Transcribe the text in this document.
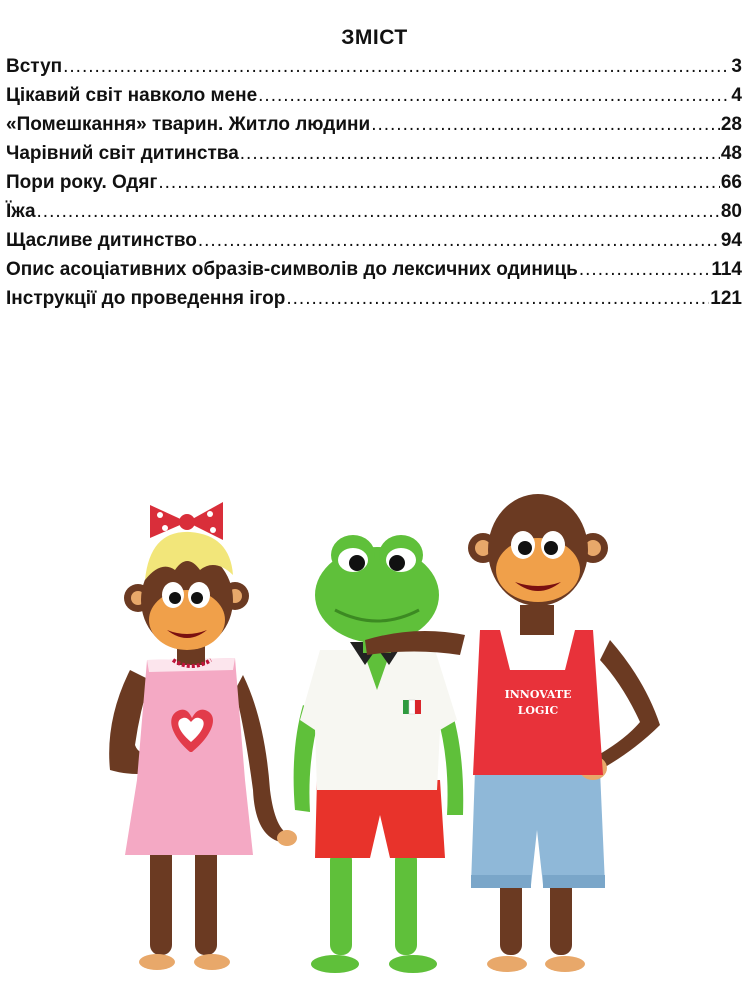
ЗМІСТ
Вступ .....	3
Цікавий світ навколо мене .....	4
«Помешкання» тварин. Житло людини .....	28
Чарівний світ дитинства .....	48
Пори року. Одяг .....	66
Їжа .....	80
Щасливе дитинство .....	94
Опис асоціативних образів-символів до лексичних одиниць .....	114
Інструкції до проведення ігор .....	121
INNOVATE
LOGIC
